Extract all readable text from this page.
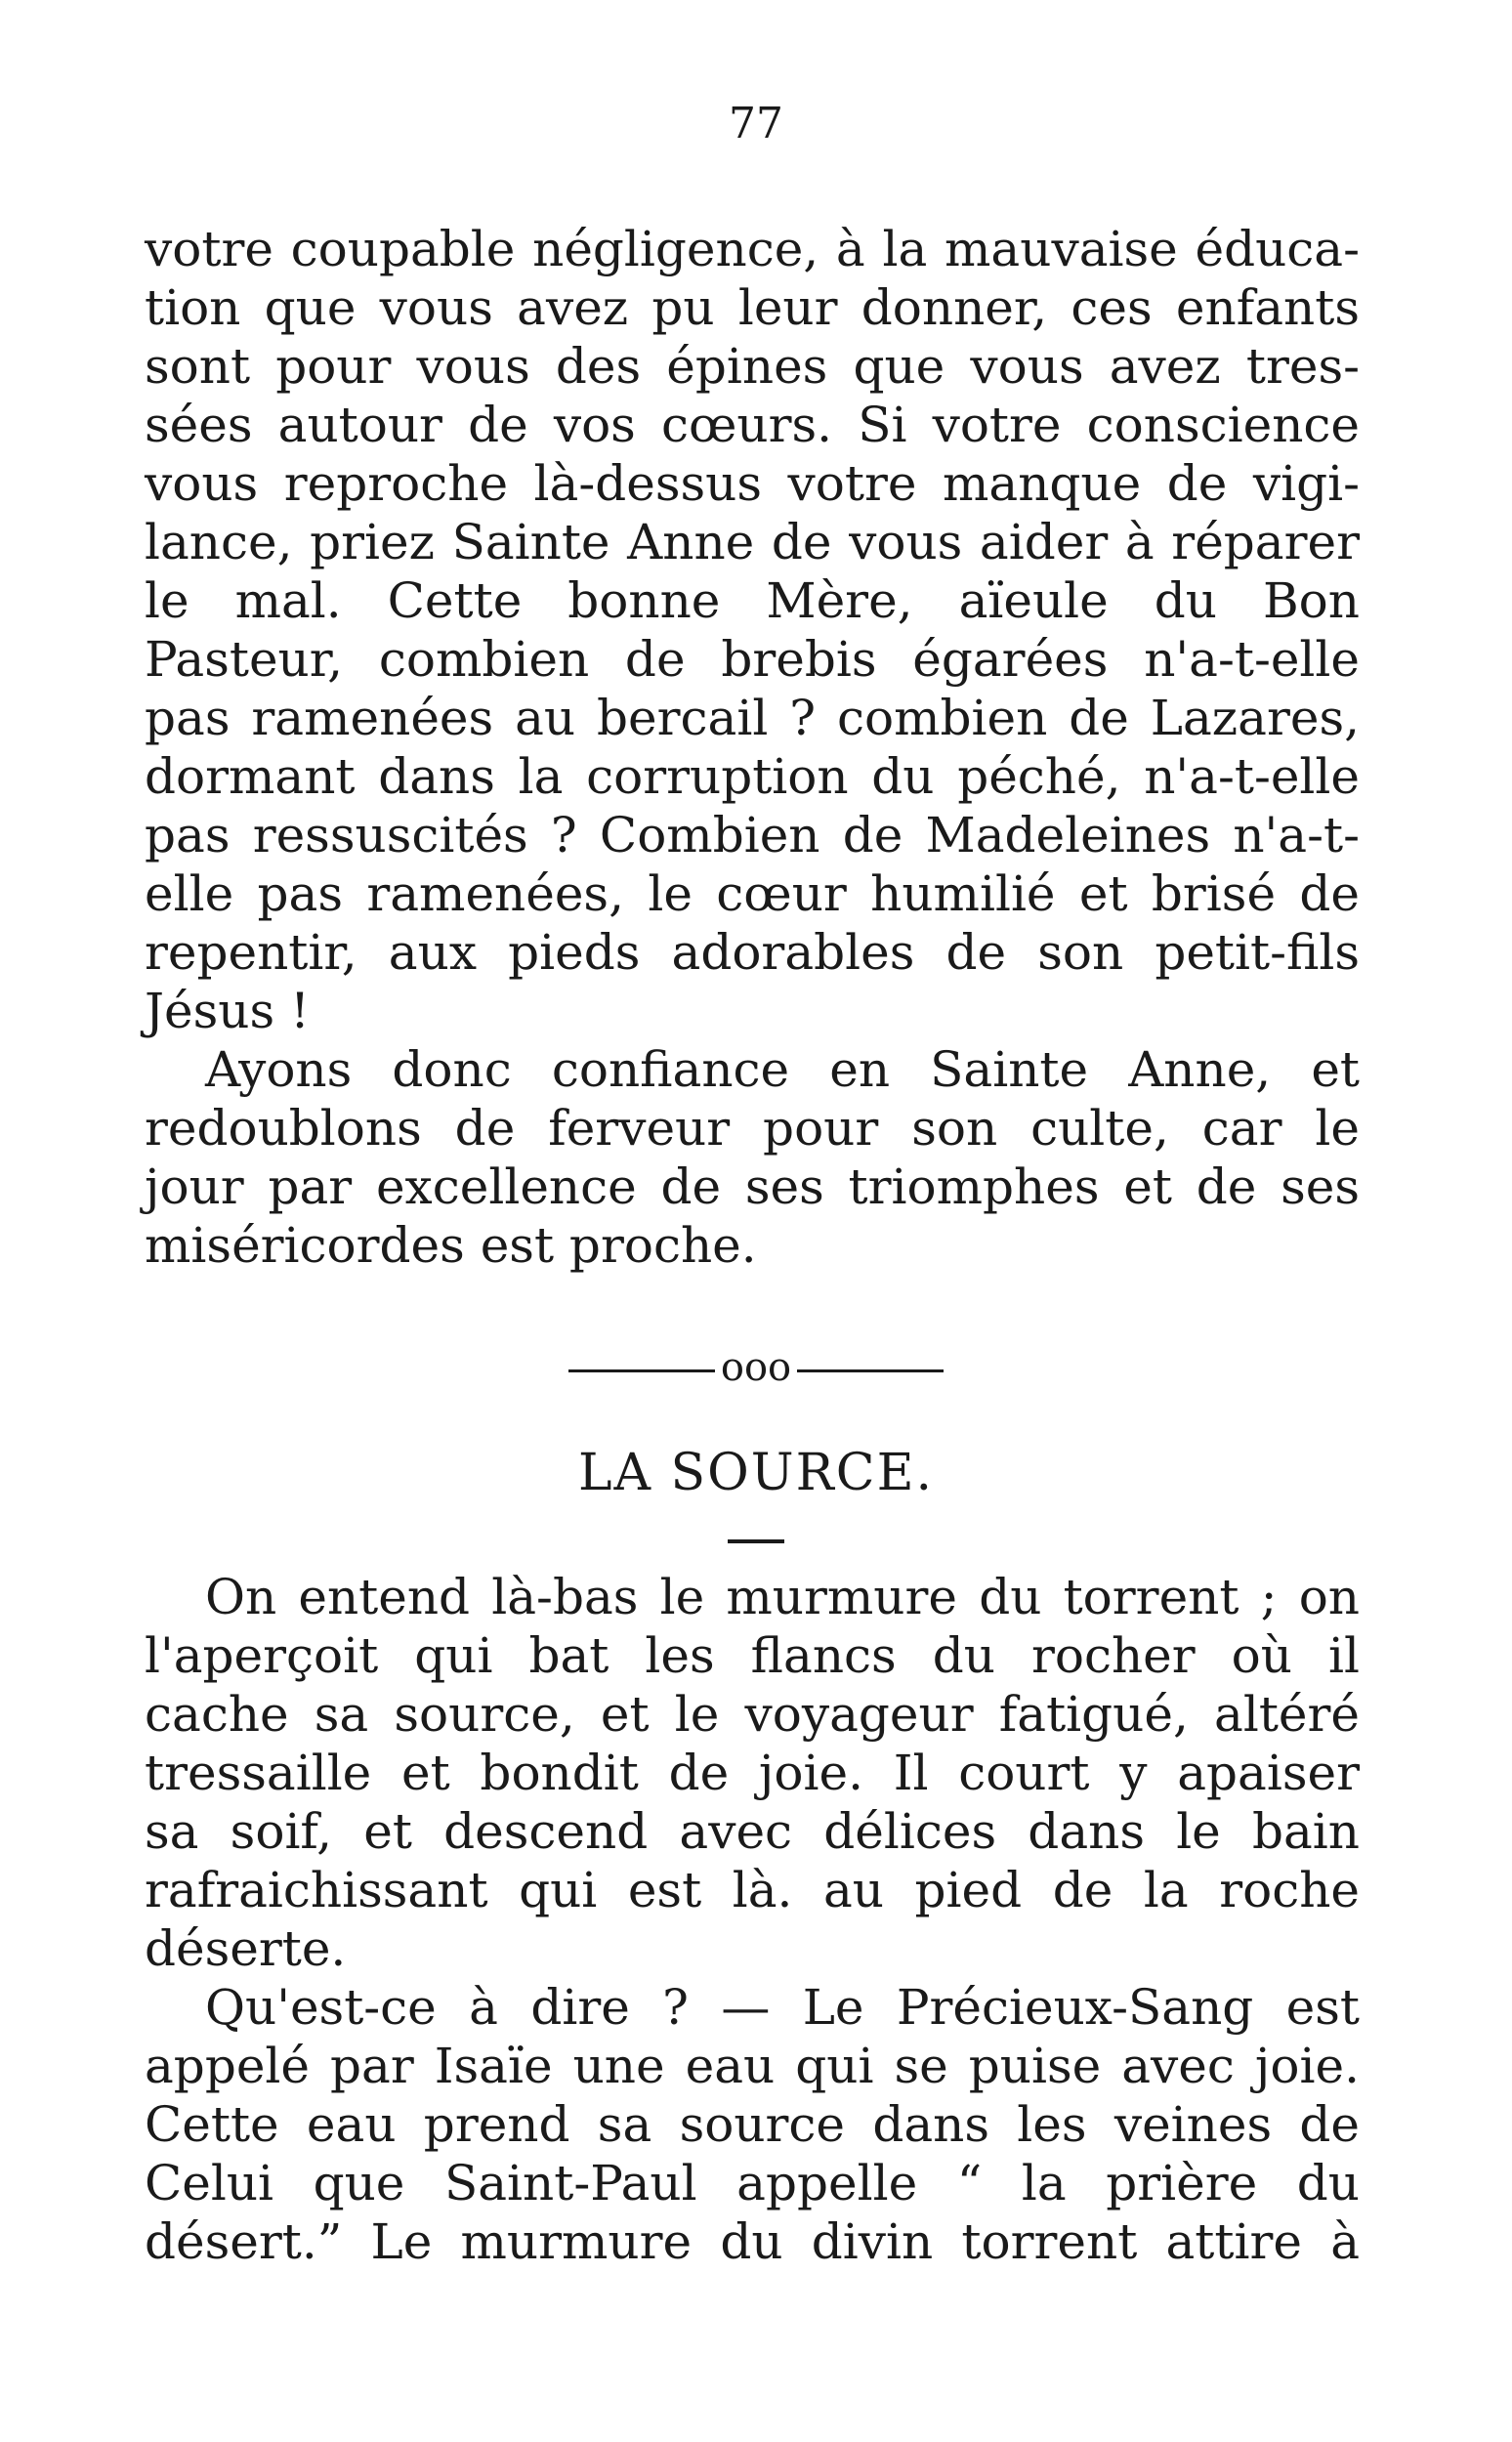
77
votre coupable négligence, à la mauvaise éduca-
tion que vous avez pu leur donner, ces enfants
sont pour vous des épines que vous avez tres-
sées autour de vos cœurs. Si votre conscience
vous reproche là-dessus votre manque de vigi-
lance, priez Sainte Anne de vous aider à réparer
le mal. Cette bonne Mère, aïeule du Bon
Pasteur, combien de brebis égarées n'a-t-elle
pas ramenées au bercail ? combien de Lazares,
dormant dans la corruption du péché, n'a-t-elle
pas ressuscités ? Combien de Madeleines n'a-t-
elle pas ramenées, le cœur humilié et brisé de
repentir, aux pieds adorables de son petit-fils
Jésus !
Ayons donc confiance en Sainte Anne, et
redoublons de ferveur pour son culte, car le
jour par excellence de ses triomphes et de ses
miséricordes est proche.
ooo
LA SOURCE.
On entend là-bas le murmure du torrent ; on
l'aperçoit qui bat les flancs du rocher où il
cache sa source, et le voyageur fatigué, altéré
tressaille et bondit de joie. Il court y apaiser
sa soif, et descend avec délices dans le bain
rafraichissant qui est là. au pied de la roche
déserte.
Qu'est-ce à dire ? — Le Précieux-Sang est
appelé par Isaïe une eau qui se puise avec joie.
Cette eau prend sa source dans les veines de
Celui que Saint-Paul appelle “ la prière du
désert.” Le murmure du divin torrent attire à
